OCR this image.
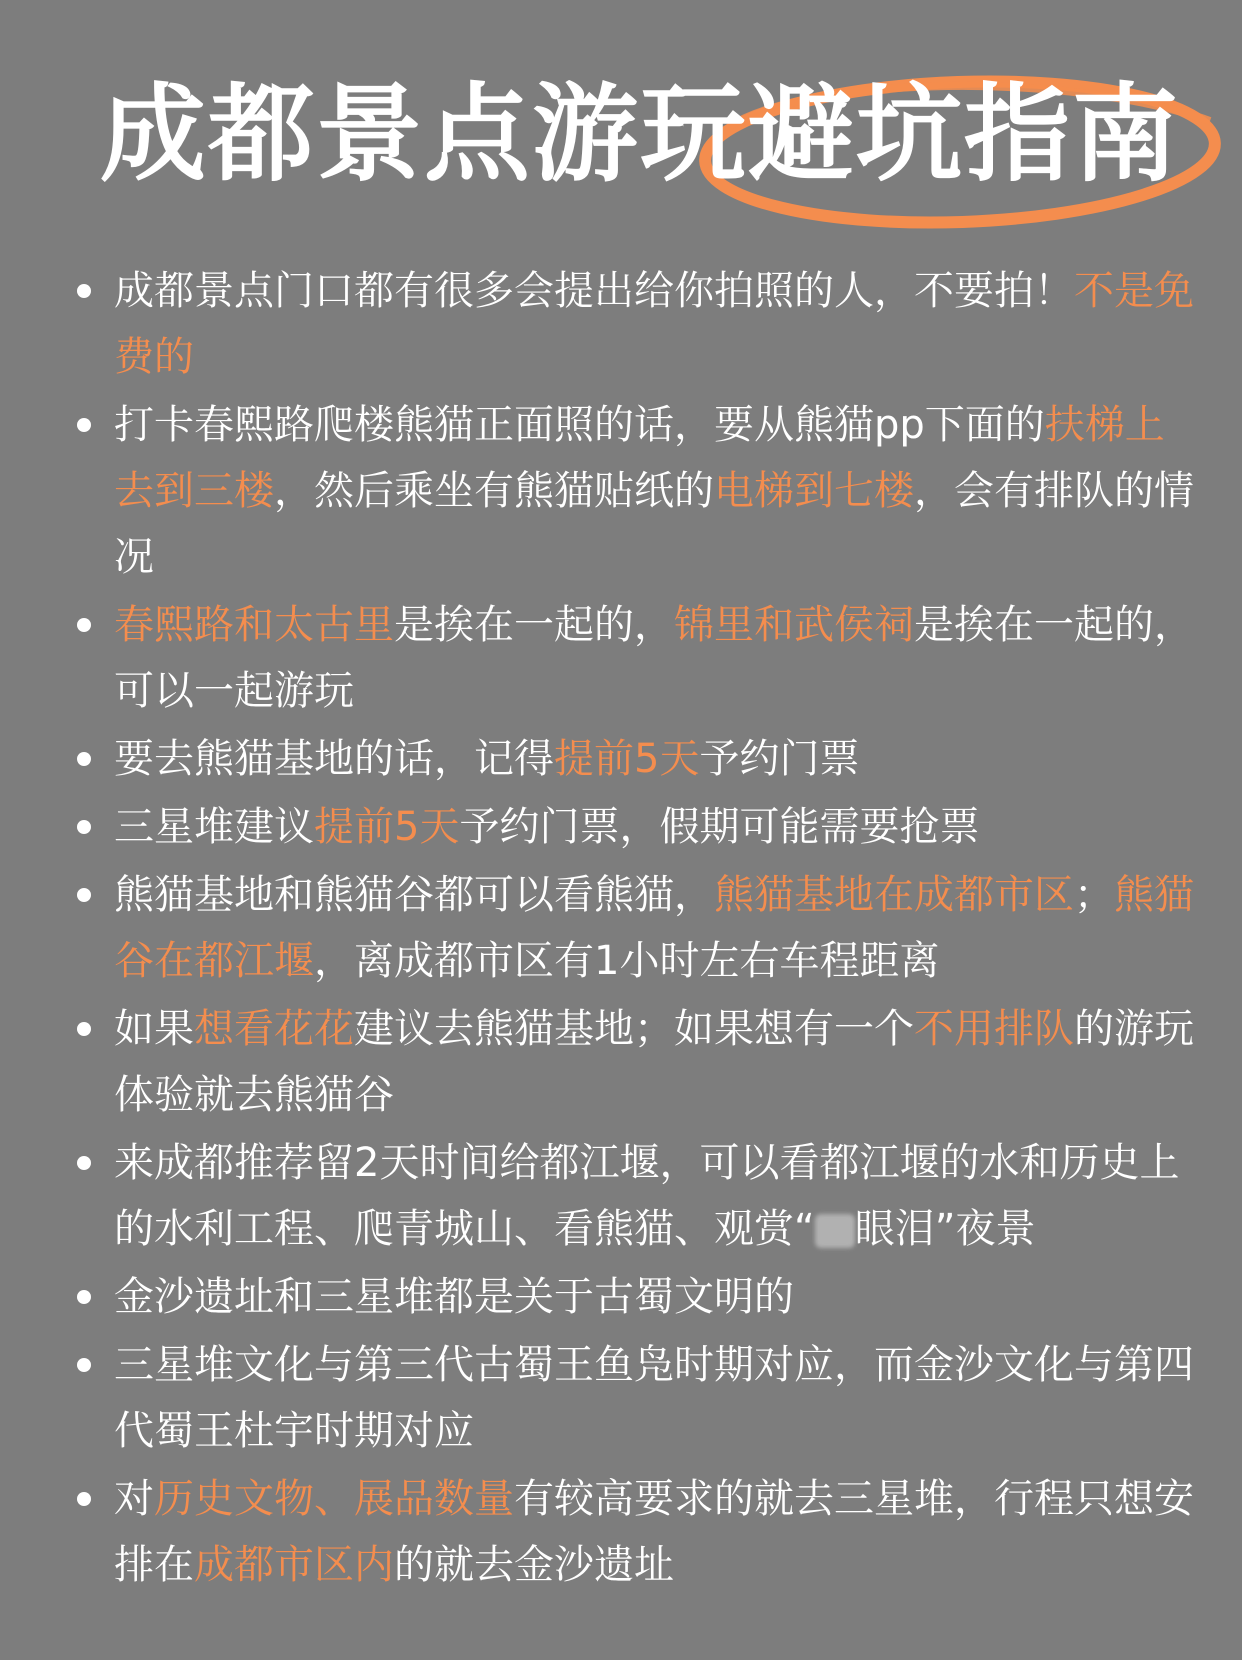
成都景点游玩避坑指南
成都景点门口都有很多会提出给你拍照的人，不要拍！不是免费的
打卡春熙路爬楼熊猫正面照的话，要从熊猫pp下面的扶梯上去到三楼，然后乘坐有熊猫贴纸的电梯到七楼，会有排队的情况
春熙路和太古里是挨在一起的，锦里和武侯祠是挨在一起的，可以一起游玩
要去熊猫基地的话，记得提前5天予约门票
三星堆建议提前5天予约门票，假期可能需要抢票
熊猫基地和熊猫谷都可以看熊猫，熊猫基地在成都市区；熊猫谷在都江堰，离成都市区有1小时左右车程距离
如果想看花花建议去熊猫基地；如果想有一个不用排队的游玩体验就去熊猫谷
来成都推荐留2天时间给都江堰，可以看都江堰的水和历史上的水利工程、爬青城山、看熊猫、观赏“ 眼泪”夜景
金沙遗址和三星堆都是关于古蜀文明的
三星堆文化与第三代古蜀王鱼凫时期对应，而金沙文化与第四代蜀王杜宇时期对应
对历史文物、展品数量有较高要求的就去三星堆，行程只想安排在成都市区内的就去金沙遗址
